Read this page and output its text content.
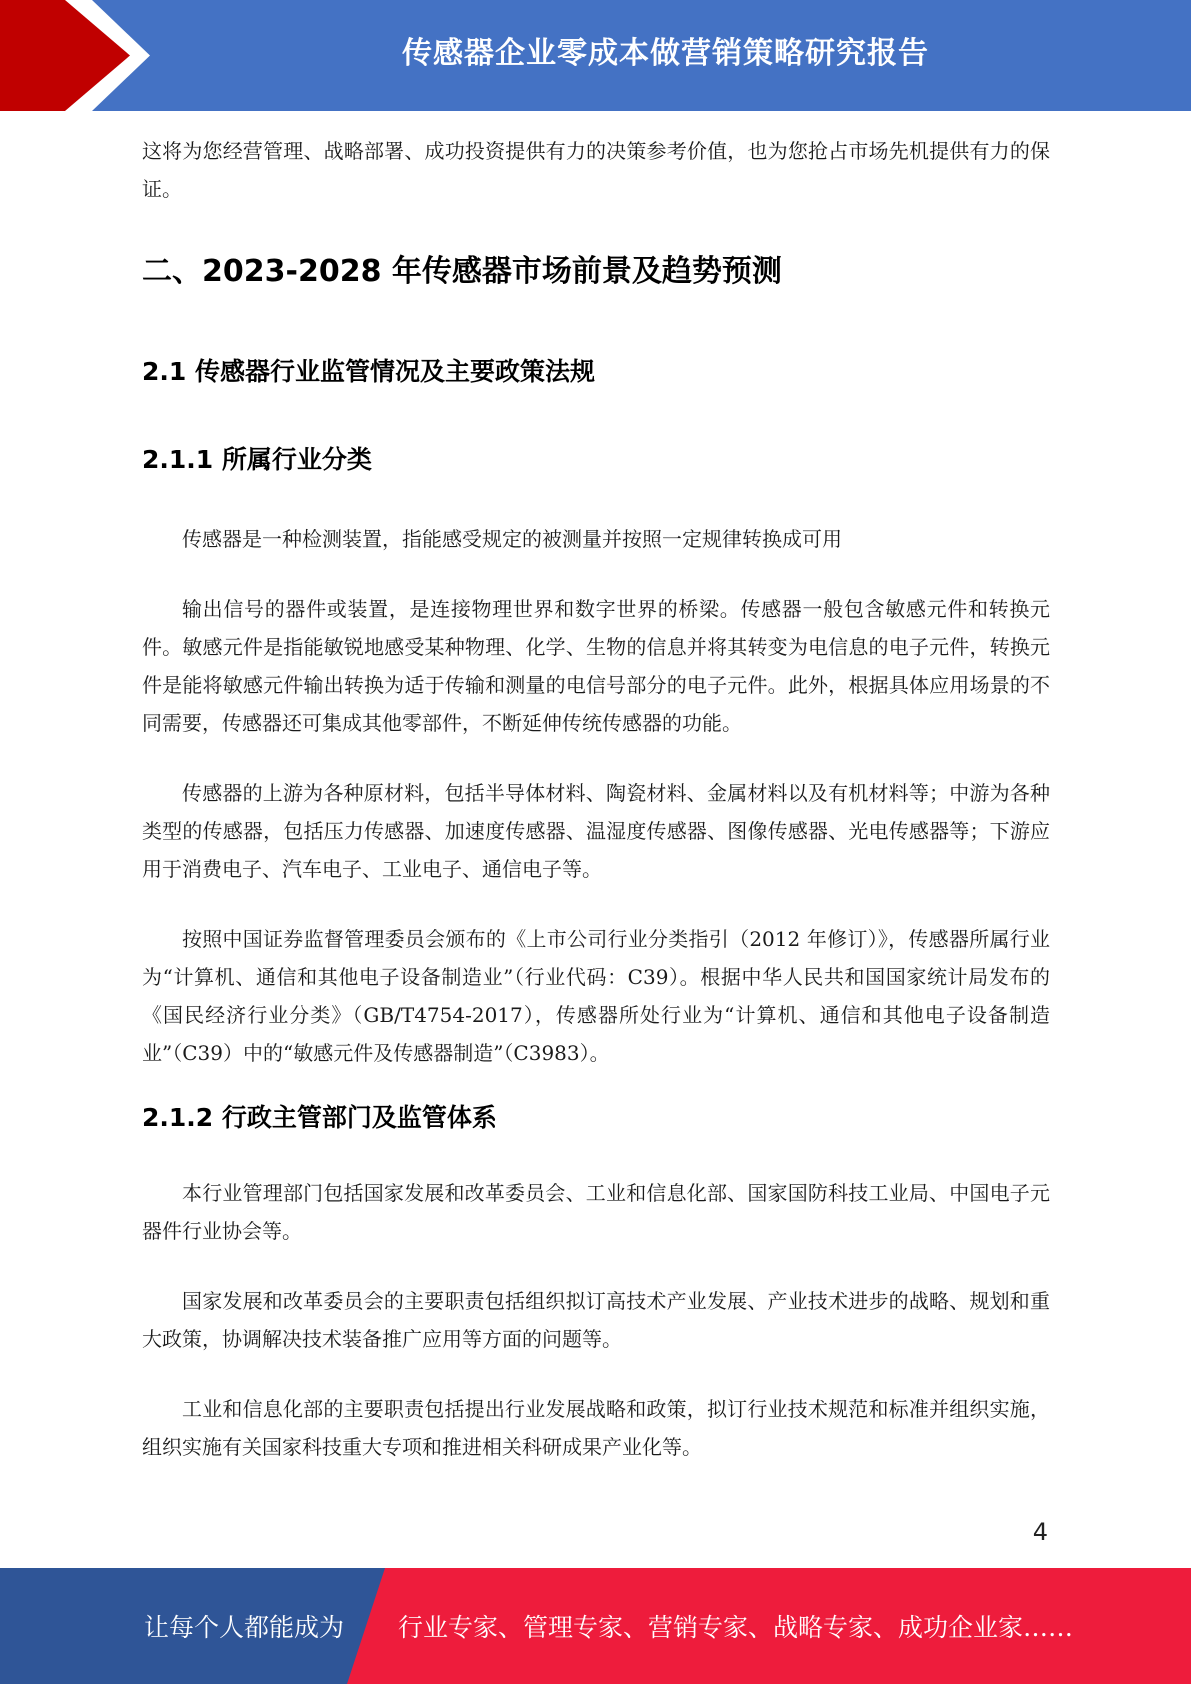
传感器企业零成本做营销策略研究报告

这将为您经营管理、战略部署、成功投资提供有力的决策参考价值，也为您抢占市场先机提供有力的保证。

二、2023-2028 年传感器市场前景及趋势预测
2.1 传感器行业监管情况及主要政策法规
2.1.1 所属行业分类

传感器是一种检测装置，指能感受规定的被测量并按照一定规律转换成可用

输出信号的器件或装置，是连接物理世界和数字世界的桥梁。传感器一般包含敏感元件和转换元件。敏感元件是指能敏锐地感受某种物理、化学、生物的信息并将其转变为电信息的电子元件，转换元件是能将敏感元件输出转换为适于传输和测量的电信号部分的电子元件。此外，根据具体应用场景的不同需要，传感器还可集成其他零部件，不断延伸传统传感器的功能。

传感器的上游为各种原材料，包括半导体材料、陶瓷材料、金属材料以及有机材料等；中游为各种类型的传感器，包括压力传感器、加速度传感器、温湿度传感器、图像传感器、光电传感器等；下游应用于消费电子、汽车电子、工业电子、通信电子等。

按照中国证券监督管理委员会颁布的《上市公司行业分类指引（2012 年修订）》，传感器所属行业为“计算机、通信和其他电子设备制造业”（行业代码：C39）。根据中华人民共和国国家统计局发布的《国民经济行业分类》（GB/T4754-2017），传感器所处行业为“计算机、通信和其他电子设备制造业”（C39）中的“敏感元件及传感器制造”（C3983）。

2.1.2 行政主管部门及监管体系

本行业管理部门包括国家发展和改革委员会、工业和信息化部、国家国防科技工业局、中国电子元器件行业协会等。

国家发展和改革委员会的主要职责包括组织拟订高技术产业发展、产业技术进步的战略、规划和重大政策，协调解决技术装备推广应用等方面的问题等。

工业和信息化部的主要职责包括提出行业发展战略和政策，拟订行业技术规范和标准并组织实施，组织实施有关国家科技重大专项和推进相关科研成果产业化等。

4
让每个人都能成为 行业专家、管理专家、营销专家、战略专家、成功企业家……
